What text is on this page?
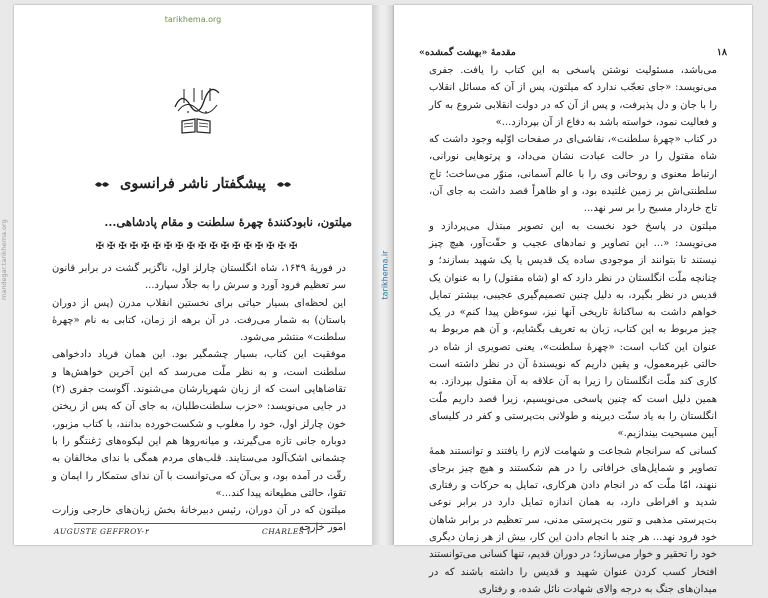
tarikhema.org
پیشگفتار ناشر فرانسوی
میلتون، نابودکنندۀ چهرۀ سلطنت و مقام پادشاهی...
✠✠✠✠✠✠✠✠✠✠✠✠✠✠✠✠✠✠

در فوریۀ ۱۶۴۹، شاه انگلستان چارلز اول، ناگزیر گشت در برابر قانون سر تعظیم فرود آورد و سرش را به جلاّد سپارد...

این لحظه‌ای بسیار حیاتی برای نخستین انقلاب مدرن (پس از دوران باستان) به شمار می‌رفت. در آن برهه از زمان، کتابی به نام «چهرۀ سلطنت» منتشر می‌شود.

موفقیت این کتاب، بسیار چشمگیر بود. این همان فریاد دادخواهی سلطنت است، و به نظر ملّت می‌رسد که این آخرین خواهش‌ها و تقاضاهایی است که از زبان شهریارشان می‌شنوند. آگوست جفری (۲) در جایی می‌نویسد: «حزب سلطنت‌طلبان، به جای آن که پس از ریختن خون چارلز اول، خود را مغلوب و شکست‌خورده بدانند، با کتاب مزبور، دوباره جانی تازه می‌گیرند، و میانه‌روها هم این لیکوه‌های ژغنتگو را با چشمانی اشک‌آلود می‌ستایند. قلب‌های مردم همگی با ندای مخالفان به رقّت در آمده بود، و بی‌آن که می‌توانست با آن ندای ستمکار را ایمان و تقوا، حالتی مطیعانه پیدا کند...»

میلتون که در آن دوران، رئیس دبیرخانۀ بخش زبان‌های خارجی وزارت امور خارجه

AUGUSTE GEFFROY-۲	CHARLES I-۱
mandegar.tarikhema.org	tarikhema.ir
۱۸
مقدمۀ «بهشت گمشده»

می‌باشد، مسئولیت نوشتن پاسخی به این کتاب را یافت. جفری می‌نویسد: «جای تعجّب ندارد که میلتون، پس از آن که مسائل انقلاب را با جان و دل پذیرفت، و پس از آن که در دولت انقلابی شروع به کار و فعالیت نمود، خواسته باشد به دفاع از آن بپردازد...»

در کتاب «چهرۀ سلطنت»، نقاشی‌ای در صفحات اوّلیه وجود داشت که شاه مقتول را در حالت عبادت نشان می‌داد، و پرتوهایی نورانی، ارتباط معنوی و روحانی وی را با عالم آسمانی، منوّر می‌ساخت؛ تاج سلطنتی‌اش بر زمین غلتیده بود، و او ظاهراً قصد داشت به جای آن، تاج خاردار مسیح را بر سر نهد...

میلتون در پاسخ خود نخست به این تصویر مبتذل می‌پردازد و می‌نویسد: «... این تصاویر و نمادهای عجیب و حقّت‌آور، هیچ چیز نیستند تا بتوانند از موجودی ساده یک قدیس یا یک شهید بسازند؛ و چنانچه ملّت انگلستان در نظر دارد که او (شاه مقتول) را به عنوان یک قدیس در نظر بگیرد، به دلیل چنین تصمیم‌گیری عجیبی، بیشتر تمایل خواهم داشت به ساکنانۀ تاریخی آنها نیز، سوءظن پیدا کنم» در یک چیز مربوط به این کتاب، زبان به تعریف بگشایم، و آن هم مربوط به عنوان این کتاب است: «چهرۀ سلطنت»، یعنی تصویری از شاه در حالتی غیرمعمول، و یقین داریم که نویسندۀ آن در نظر داشته است کاری کند ملّت انگلستان را زیرا به آن علاقه به آن مقتول بپردازد. به همین دلیل است که چنین پاسخی می‌نویسیم، زیرا قصد داریم ملّت انگلستان را به یاد سنّت دیرینه و طولانی بت‌پرستی و کفر در کلیسای آیین مسیحیت بیندازیم.»

کسانی که سرانجام شجاعت و شهامت لازم را یافتند و توانستند همۀ تصاویر و شمایل‌های خرافاتی را در هم شکستند و هیچ چیز برجای ننهند، امّا ملّت که در انجام دادن هرکاری، تمایل به حرکات و رفتاری شدید و افراطی دارد، به همان اندازه تمایل دارد در برابر نوعی بت‌پرستی مذهبی و تنور بت‌پرستی مدنی، سر تعظیم در برابر شاهان خود فرود نهد... هر چند با انجام دادن این کار، بیش از هر زمان دیگری خود را تحقیر و خوار می‌سازد؛ در دوران قدیم، تنها کسانی می‌توانستند افتخار کسب کردن عنوان شهید و قدیس را داشته باشند که در میدان‌های جنگ به درجه والای شهادت نائل شده، و رفتاری
